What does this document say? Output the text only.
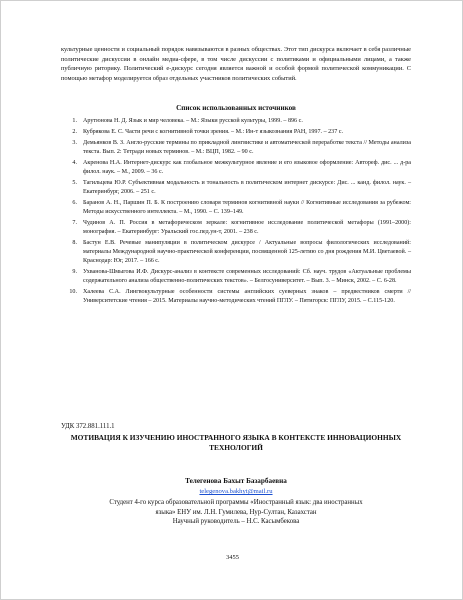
культурные ценности и социальный порядок навязываются в разных обществах. Этот тип дискурса включает в себя различные политические дискуссии в онлайн медиа-сфере, в том числе дискуссии с политиками и официальными лицами, а также публичную риторику. Политический е-дискурс сегодня является важной и особой формой политической коммуникации. С помощью метафор моделируется образ отдельных участников политических событий.

Список использованных источников
1. Арутюнова Н. Д. Язык и мир человека. – М.: Языки русской культуры, 1999. – 896 с.
2. Кубрякова Е. С. Части речи с когнитивной точки зрения. – М.: Ин-т языкознания РАН, 1997. – 237 с.
3. Демьянков В. З. Англо-русские термины по прикладной лингвистике и автоматической переработке текста // Методы анализа текста. Вып. 2: Тетради новых терминов. – М.: ВЦП, 1982. – 90 с.
4. Акренова Н.А. Интернет-дискурс как глобальное межкультурное явление и его языковое оформление: Автореф. дис. ... д-ра филол. наук. – М., 2009. – 36 с.
5. Тагильцева Ю.Р. Субъективная модальность и тональность в политическом интернет дискурсе: Дис. ... канд. филол. наук. – Екатеринбург, 2006. – 251 с.
6. Баранов А. Н., Паршин П. Б. К построению словаря терминов когнитивной науки // Когнитивные исследования за рубежом: Методы искусственного интеллекта. – М., 1990. – С. 139–149.
7. Чудинов А. П. Россия в метафорическом зеркале: когнитивное исследование политической метафоры (1991–2000): монография. – Екатеринбург: Уральский гос.пед.ун-т, 2001. – 238 с.
8. Бастун Е.В. Речевые манипуляции в политическом дискурсе / Актуальные вопросы филологических исследований: материалы Международной научно-практической конференции, посвященной 125-летию со дня рождения М.И. Цветаевой. – Краснодар: Юг, 2017. – 166 с.
9. Ухванова-Шмыгова И.Ф. Дискурс-анализ в контексте современных исследований: Сб. науч. трудов «Актуальные проблемы содержательного анализа общественно-политических текстов». – Белгосуниверситет. – Вып. 3. – Минск, 2002. – С. 6-28.
10. Халеева С.А. Лингвокультурные особенности системы английских суеверных знаков – предвестников смерти // Университетские чтения – 2015. Материалы научно-методических чтений ПГЛУ. – Пятигорск: ПГЛУ, 2015. – С.115-120.
УДК 372.881.111.1
МОТИВАЦИЯ К ИЗУЧЕНИЮ ИНОСТРАННОГО ЯЗЫКА В КОНТЕКСТЕ ИННОВАЦИОННЫХ ТЕХНОЛОГИЙ
Телегенова Бахыт Базарбаевна
telegenova.bakhyt@mail.ru
Студент 4-го курса образовательной программы «Иностранный язык: два иностранных
языка» ЕНУ им. Л.Н. Гумилева, Нур-Султан, Казахстан
Научный руководитель – Н.С. Касымбекова
3455
